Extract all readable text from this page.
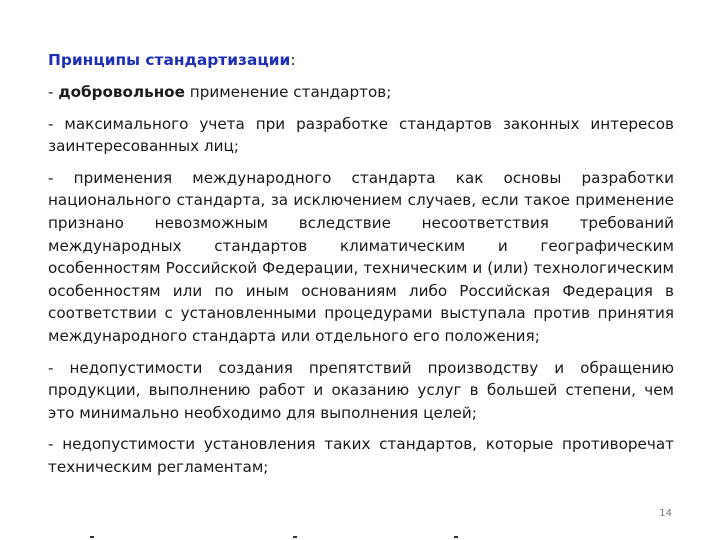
Принципы стандартизации:

- добровольное применение стандартов;

- максимального учета при разработке стандартов законных интересов заинтересованных лиц;

- применения международного стандарта как основы разработки национального стандарта, за исключением случаев, если такое применение признано невозможным вследствие несоответствия требований международных стандартов климатическим и географическим особенностям Российской Федерации, техническим и (или) технологическим особенностям или по иным основаниям либо Российская Федерация в соответствии с установленными процедурами выступала против принятия международного стандарта или отдельного его положения;

- недопустимости создания препятствий производству и обращению продукции, выполнению работ и оказанию услуг в большей степени, чем это минимально необходимо для выполнения целей;

- недопустимости установления таких стандартов, которые противоречат техническим регламентам;

14
